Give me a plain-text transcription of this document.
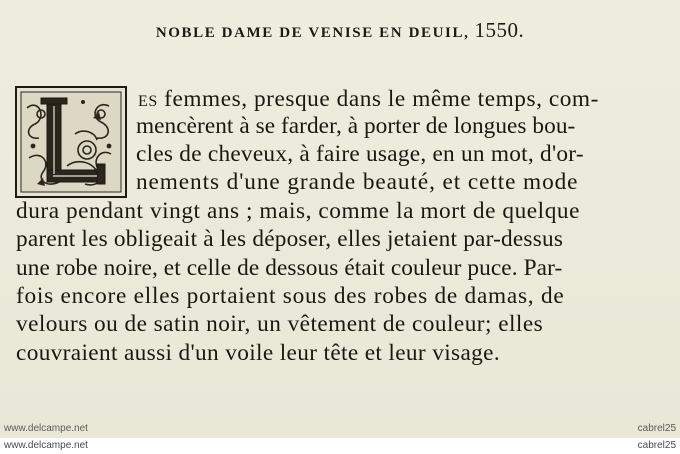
NOBLE DAME DE VENISE EN DEUIL, 1550.
es femmes, presque dans le même temps, com-
mencèrent à se farder, à porter de longues bou-
cles de cheveux, à faire usage, en un mot, d'or-
nements d'une grande beauté, et cette mode
dura pendant vingt ans ; mais, comme la mort de quelque
parent les obligeait à les déposer, elles jetaient par-dessus
une robe noire, et celle de dessous était couleur puce. Par-
fois encore elles portaient sous des robes de damas, de
velours ou de satin noir, un vêtement de couleur; elles
couvraient aussi d'un voile leur tête et leur visage.
www.delcampe.net	cabrel25
www.delcampe.net	cabrel25
